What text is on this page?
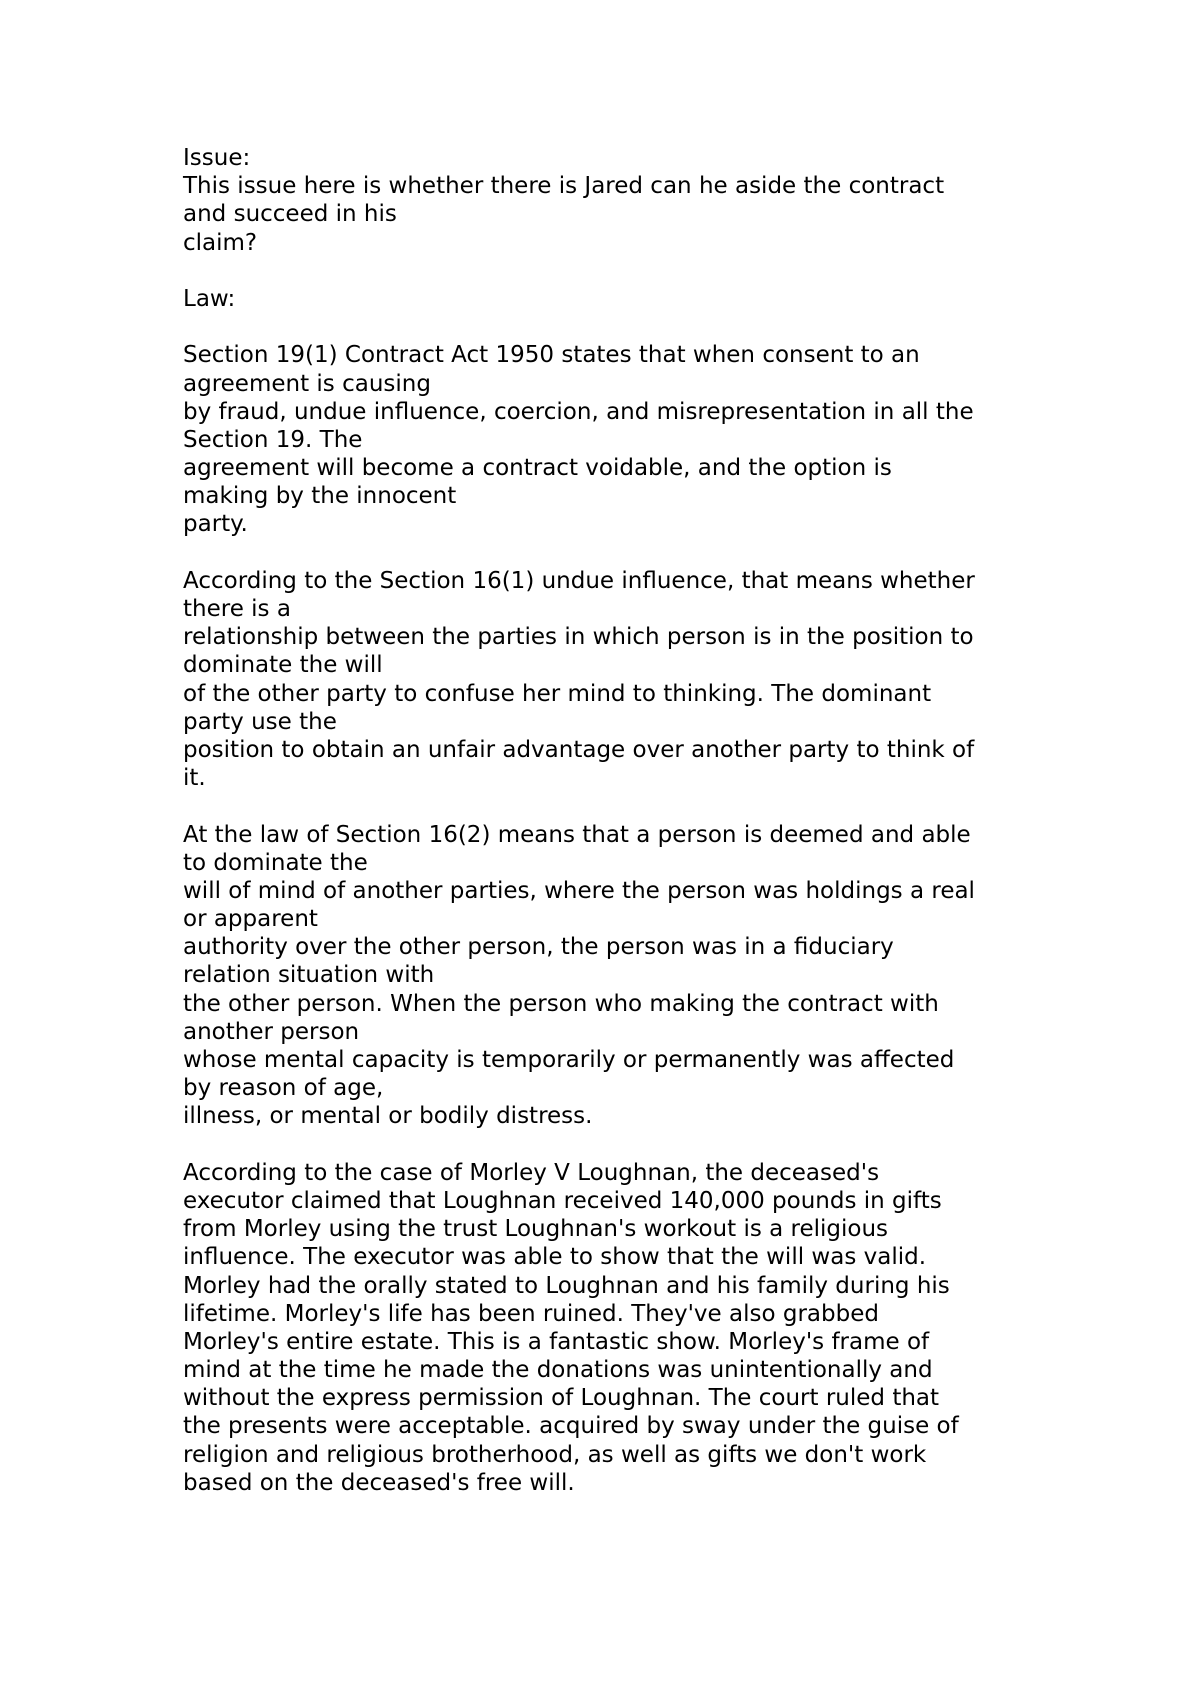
Issue:
This issue here is whether there is Jared can he aside the contract
and succeed in his
claim?
Law:
Section 19(1) Contract Act 1950 states that when consent to an
agreement is causing
by fraud, undue influence, coercion, and misrepresentation in all the
Section 19. The
agreement will become a contract voidable, and the option is
making by the innocent
party.
According to the Section 16(1) undue influence, that means whether
there is a
relationship between the parties in which person is in the position to
dominate the will
of the other party to confuse her mind to thinking. The dominant
party use the
position to obtain an unfair advantage over another party to think of
it.
At the law of Section 16(2) means that a person is deemed and able
to dominate the
will of mind of another parties, where the person was holdings a real
or apparent
authority over the other person, the person was in a fiduciary
relation situation with
the other person. When the person who making the contract with
another person
whose mental capacity is temporarily or permanently was affected
by reason of age,
illness, or mental or bodily distress.
According to the case of Morley V Loughnan, the deceased's
executor claimed that Loughnan received 140,000 pounds in gifts
from Morley using the trust Loughnan's workout is a religious
influence. The executor was able to show that the will was valid.
Morley had the orally stated to Loughnan and his family during his
lifetime. Morley's life has been ruined. They've also grabbed
Morley's entire estate. This is a fantastic show. Morley's frame of
mind at the time he made the donations was unintentionally and
without the express permission of Loughnan. The court ruled that
the presents were acceptable. acquired by sway under the guise of
religion and religious brotherhood, as well as gifts we don't work
based on the deceased's free will.
